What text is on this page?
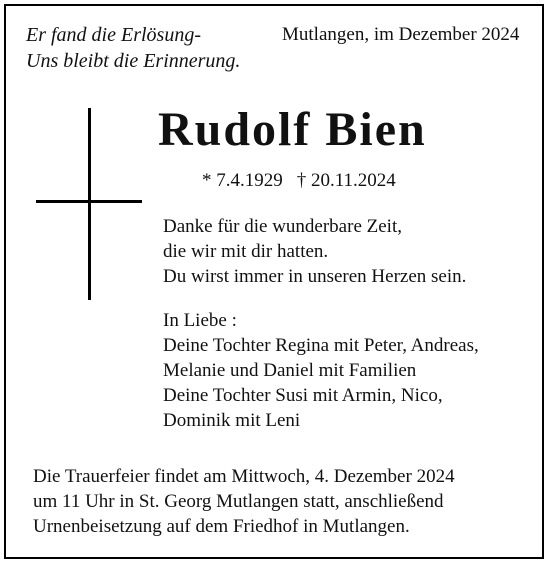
Er fand die Erlösung-
Uns bleibt die Erinnerung.
Mutlangen, im Dezember 2024
Rudolf Bien
* 7.4.1929 † 20.11.2024
Danke für die wunderbare Zeit,
die wir mit dir hatten.
Du wirst immer in unseren Herzen sein.
In Liebe :
Deine Tochter Regina mit Peter, Andreas,
Melanie und Daniel mit Familien
Deine Tochter Susi mit Armin, Nico,
Dominik mit Leni
Die Trauerfeier findet am Mittwoch, 4. Dezember 2024
um 11 Uhr in St. Georg Mutlangen statt, anschließend
Urnenbeisetzung auf dem Friedhof in Mutlangen.
